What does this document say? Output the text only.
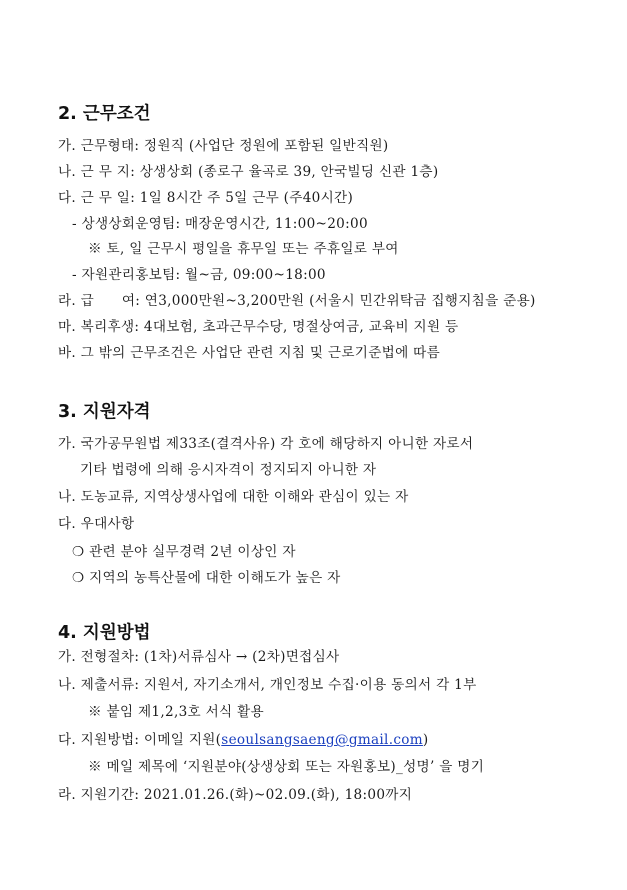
2. 근무조건
가. 근무형태: 정원직 (사업단 정원에 포함된 일반직원)
나. 근 무 지: 상생상회 (종로구 율곡로 39, 안국빌딩 신관 1층)
다. 근 무 일: 1일 8시간 주 5일 근무 (주40시간)
- 상생상회운영팀: 매장운영시간, 11:00~20:00
※ 토, 일 근무시 평일을 휴무일 또는 주휴일로 부여
- 자원관리홍보팀: 월~금, 09:00~18:00
라. 급      여: 연3,000만원~3,200만원 (서울시 민간위탁금 집행지침을 준용)
마. 복리후생: 4대보험, 초과근무수당, 명절상여금, 교육비 지원 등
바. 그 밖의 근무조건은 사업단 관련 지침 및 근로기준법에 따름
3. 지원자격
가. 국가공무원법 제33조(결격사유) 각 호에 해당하지 아니한 자로서
기타 법령에 의해 응시자격이 정지되지 아니한 자
나. 도농교류, 지역상생사업에 대한 이해와 관심이 있는 자
다. 우대사항
❍ 관련 분야 실무경력 2년 이상인 자
❍ 지역의 농특산물에 대한 이해도가 높은 자
4. 지원방법
가. 전형절차: (1차)서류심사 → (2차)면접심사
나. 제출서류: 지원서, 자기소개서, 개인정보 수집·이용 동의서 각 1부
※ 붙임 제1,2,3호 서식 활용
다. 지원방법: 이메일 지원(seoulsangsaeng@gmail.com)
※ 메일 제목에 ‘지원분야(상생상회 또는 자원홍보)_성명’ 을 명기
라. 지원기간: 2021.01.26.(화)~02.09.(화), 18:00까지
